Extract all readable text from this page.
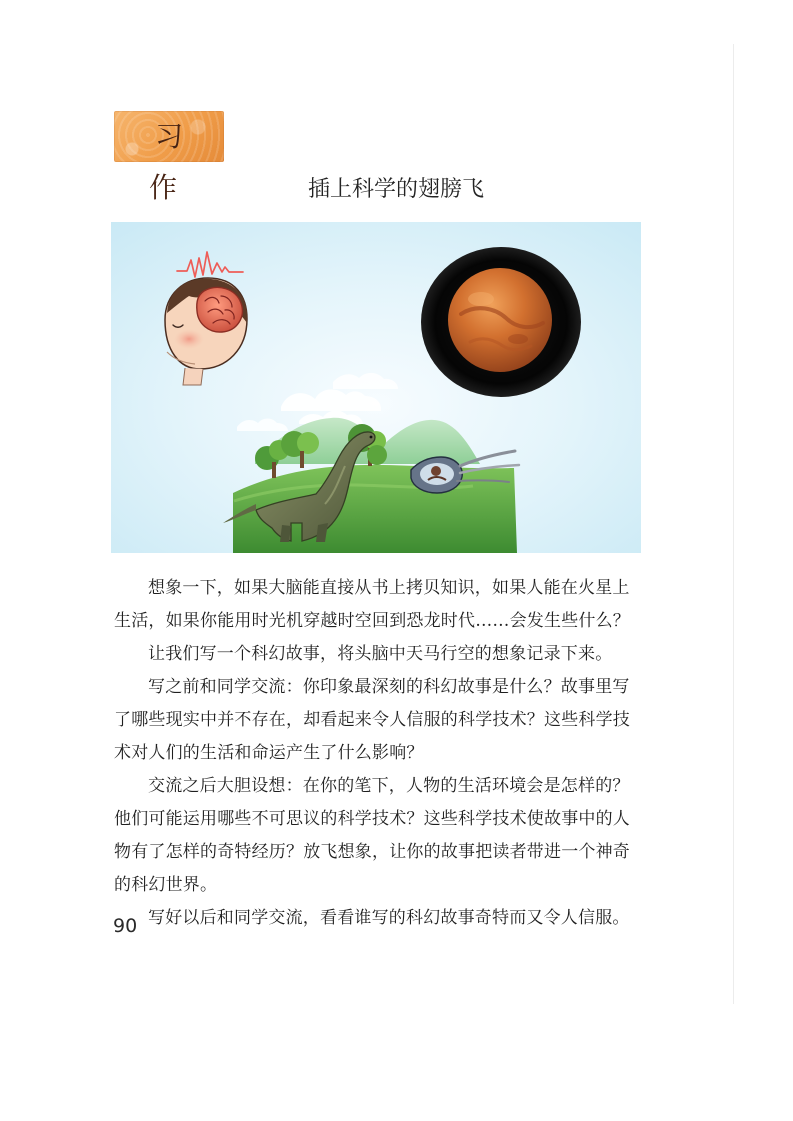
习 作	插上科学的翅膀飞

想象一下，如果大脑能直接从书上拷贝知识，如果人能在火星上生活，如果你能用时光机穿越时空回到恐龙时代……会发生些什么？

让我们写一个科幻故事，将头脑中天马行空的想象记录下来。

写之前和同学交流：你印象最深刻的科幻故事是什么？故事里写了哪些现实中并不存在，却看起来令人信服的科学技术？这些科学技术对人们的生活和命运产生了什么影响？

交流之后大胆设想：在你的笔下，人物的生活环境会是怎样的？他们可能运用哪些不可思议的科学技术？这些科学技术使故事中的人物有了怎样的奇特经历？放飞想象，让你的故事把读者带进一个神奇的科幻世界。

写好以后和同学交流，看看谁写的科幻故事奇特而又令人信服。

90
